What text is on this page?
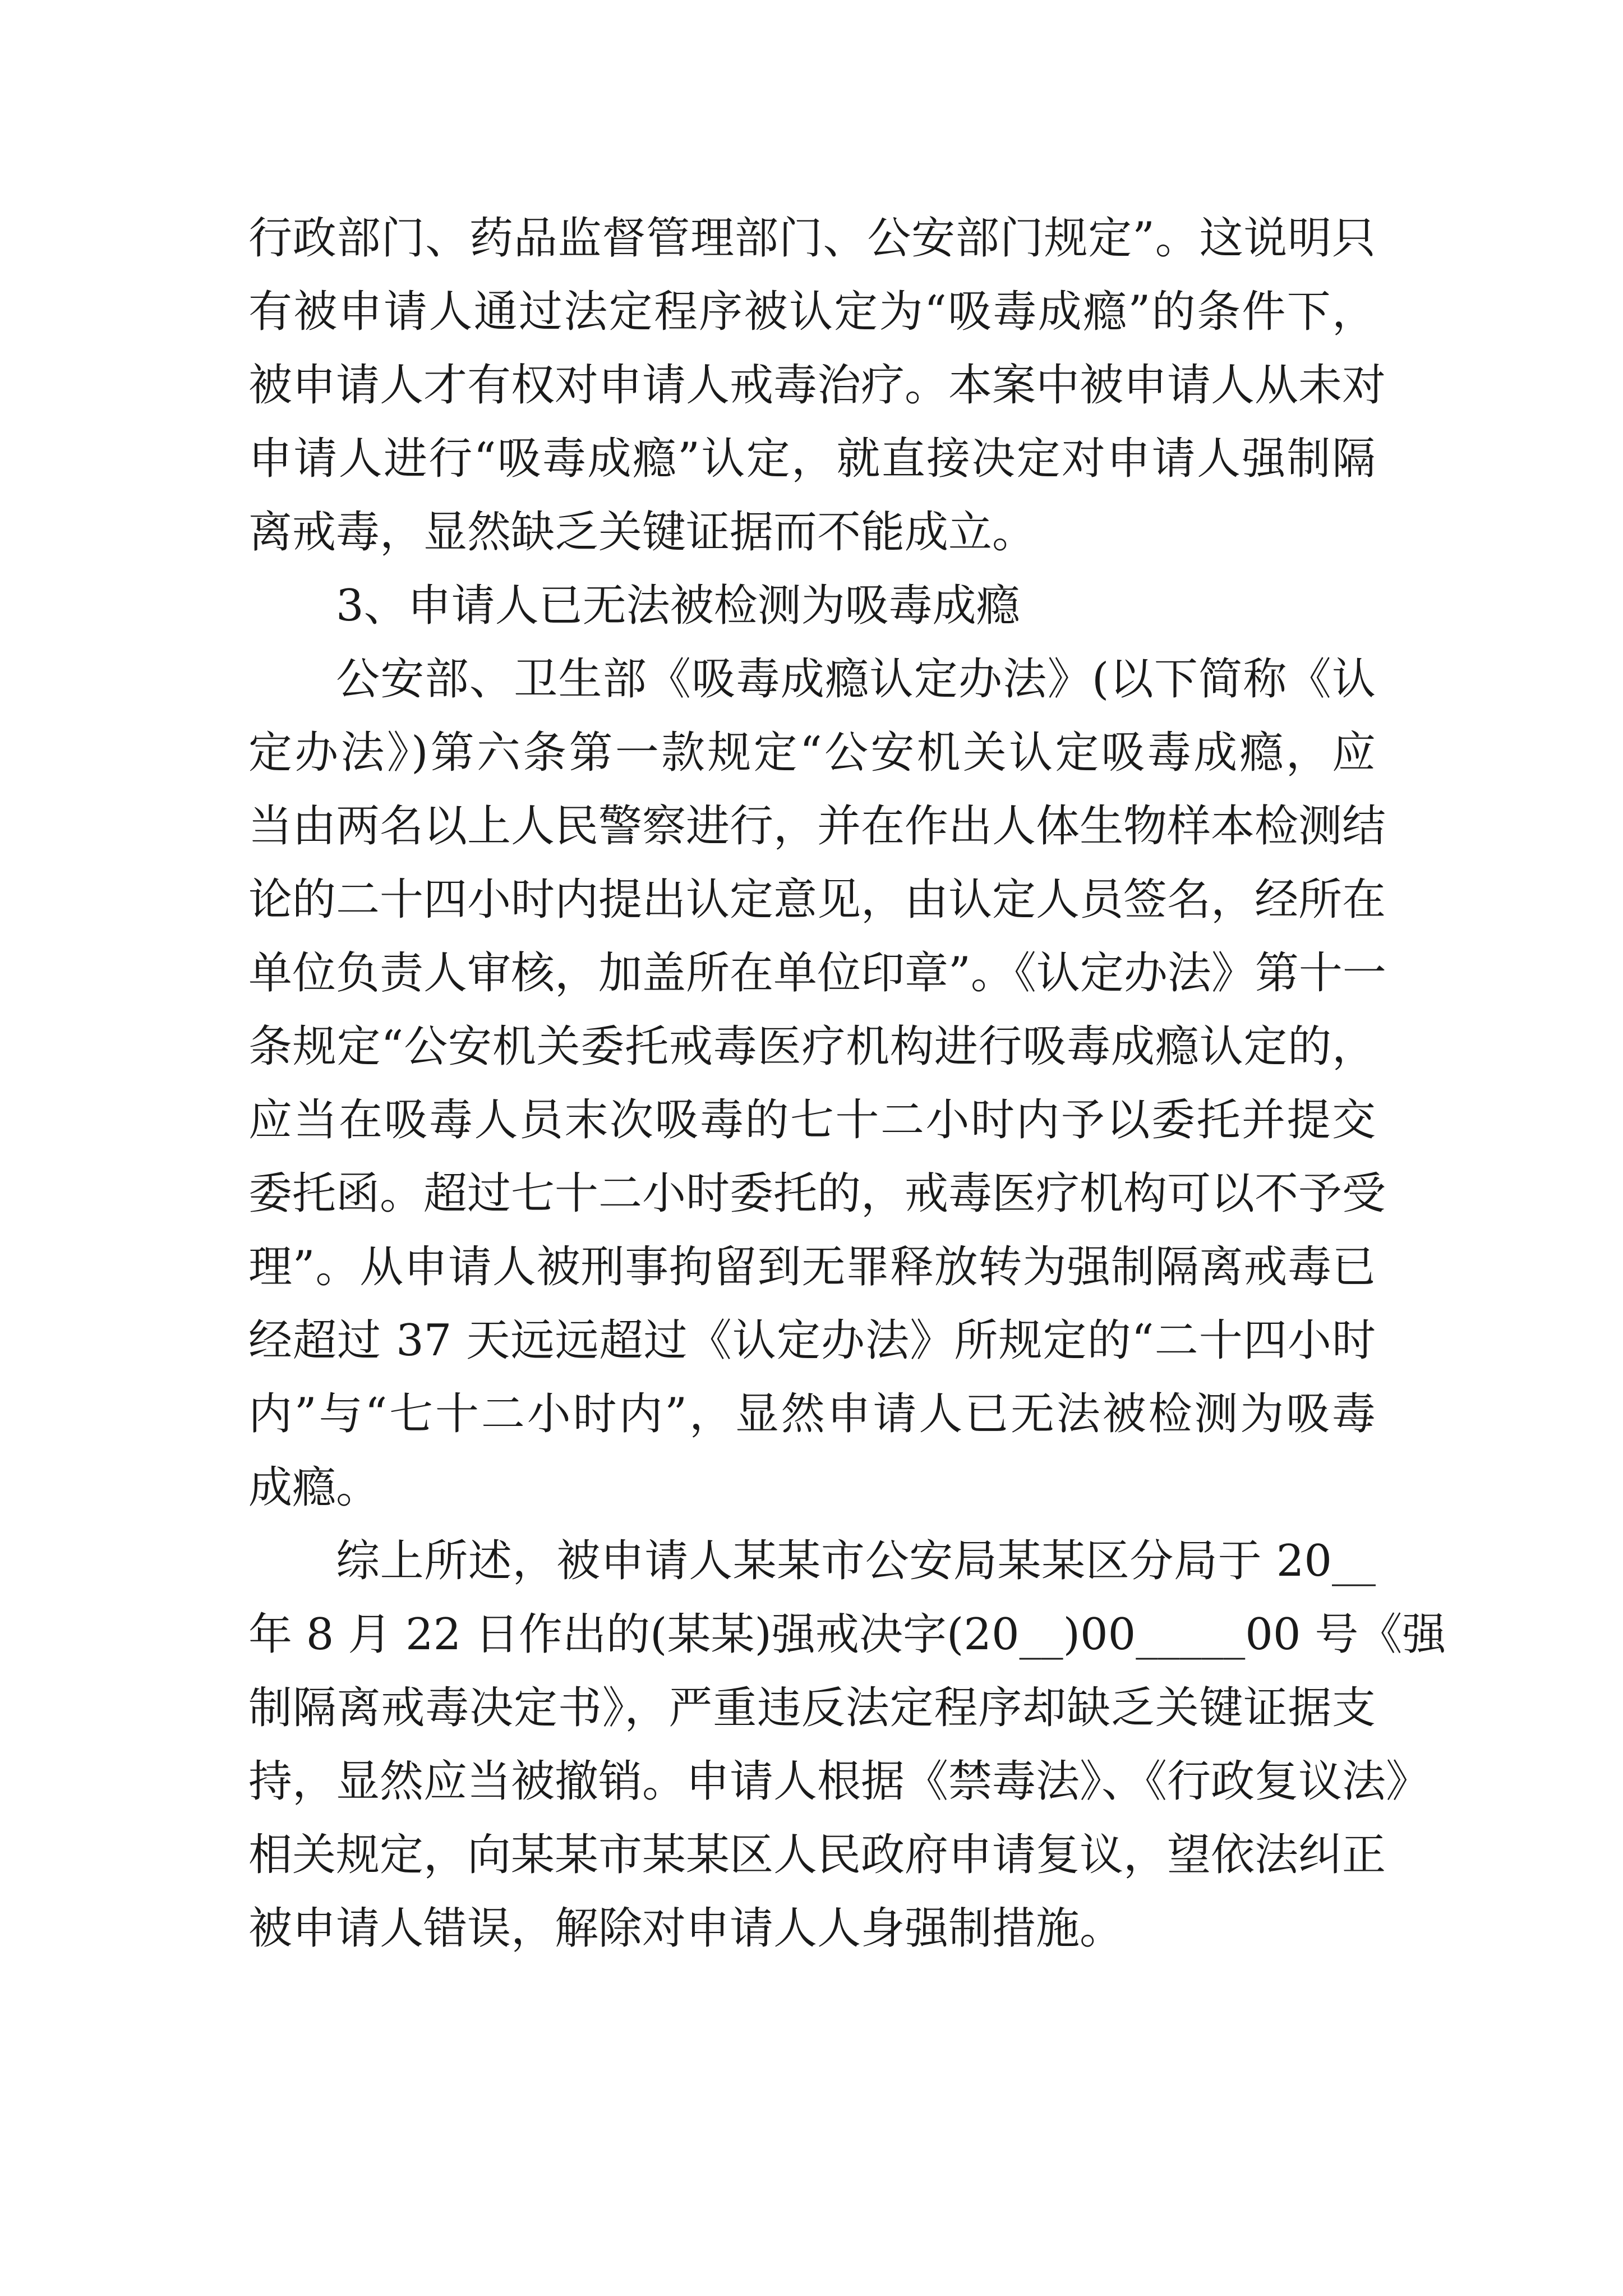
行政部门、药品监督管理部门、公安部门规定”。这说明只
有被申请人通过法定程序被认定为“吸毒成瘾”的条件下，
被申请人才有权对申请人戒毒治疗。本案中被申请人从未对
申请人进行“吸毒成瘾”认定，就直接决定对申请人强制隔
离戒毒，显然缺乏关键证据而不能成立。
3、申请人已无法被检测为吸毒成瘾
公安部、卫生部《吸毒成瘾认定办法》(以下简称《认
定办法》)第六条第一款规定“公安机关认定吸毒成瘾，应
当由两名以上人民警察进行，并在作出人体生物样本检测结
论的二十四小时内提出认定意见，由认定人员签名，经所在
单位负责人审核，加盖所在单位印章”。《认定办法》第十一
条规定“公安机关委托戒毒医疗机构进行吸毒成瘾认定的，
应当在吸毒人员末次吸毒的七十二小时内予以委托并提交
委托函。超过七十二小时委托的，戒毒医疗机构可以不予受
理”。从申请人被刑事拘留到无罪释放转为强制隔离戒毒已
经超过 37 天远远超过《认定办法》所规定的“二十四小时
内”与“七十二小时内”，显然申请人已无法被检测为吸毒
成瘾。
综上所述，被申请人某某市公安局某某区分局于 20__
年 8 月 22 日作出的(某某)强戒决字(20__)00_____00 号《强
制隔离戒毒决定书》，严重违反法定程序却缺乏关键证据支
持，显然应当被撤销。申请人根据《禁毒法》、《行政复议法》
相关规定，向某某市某某区人民政府申请复议，望依法纠正
被申请人错误，解除对申请人人身强制措施。
